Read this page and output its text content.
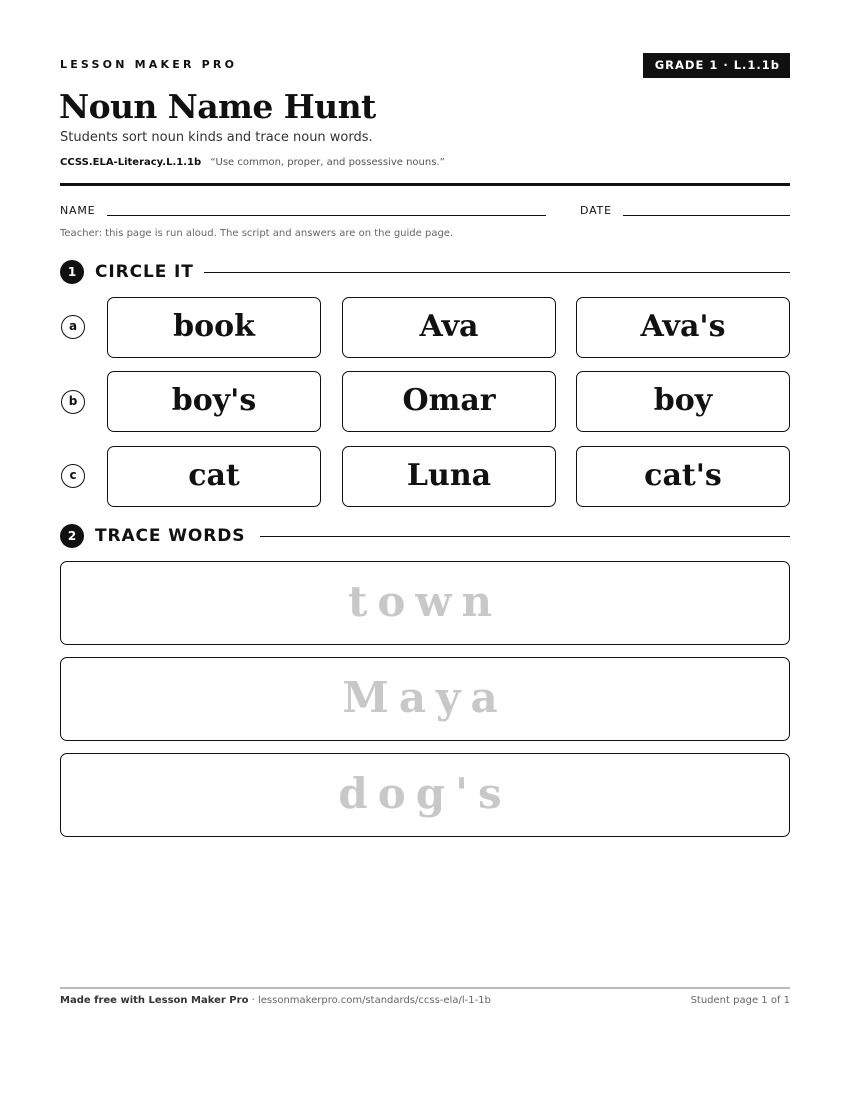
LESSON MAKER PRO	GRADE 1 · L.1.1b
Noun Name Hunt
Students sort noun kinds and trace noun words.
CCSS.ELA-Literacy.L.1.1b “Use common, proper, and possessive nouns.”
NAME	DATE
Teacher: this page is run aloud. The script and answers are on the guide page.
1	CIRCLE IT
a	book	Ava	Ava's
b	boy's	Omar	boy
c	cat	Luna	cat's
2	TRACE WORDS
town
Maya
dog's
Made free with Lesson Maker Pro · lessonmakerpro.com/standards/ccss-ela/l-1-1b	Student page 1 of 1
